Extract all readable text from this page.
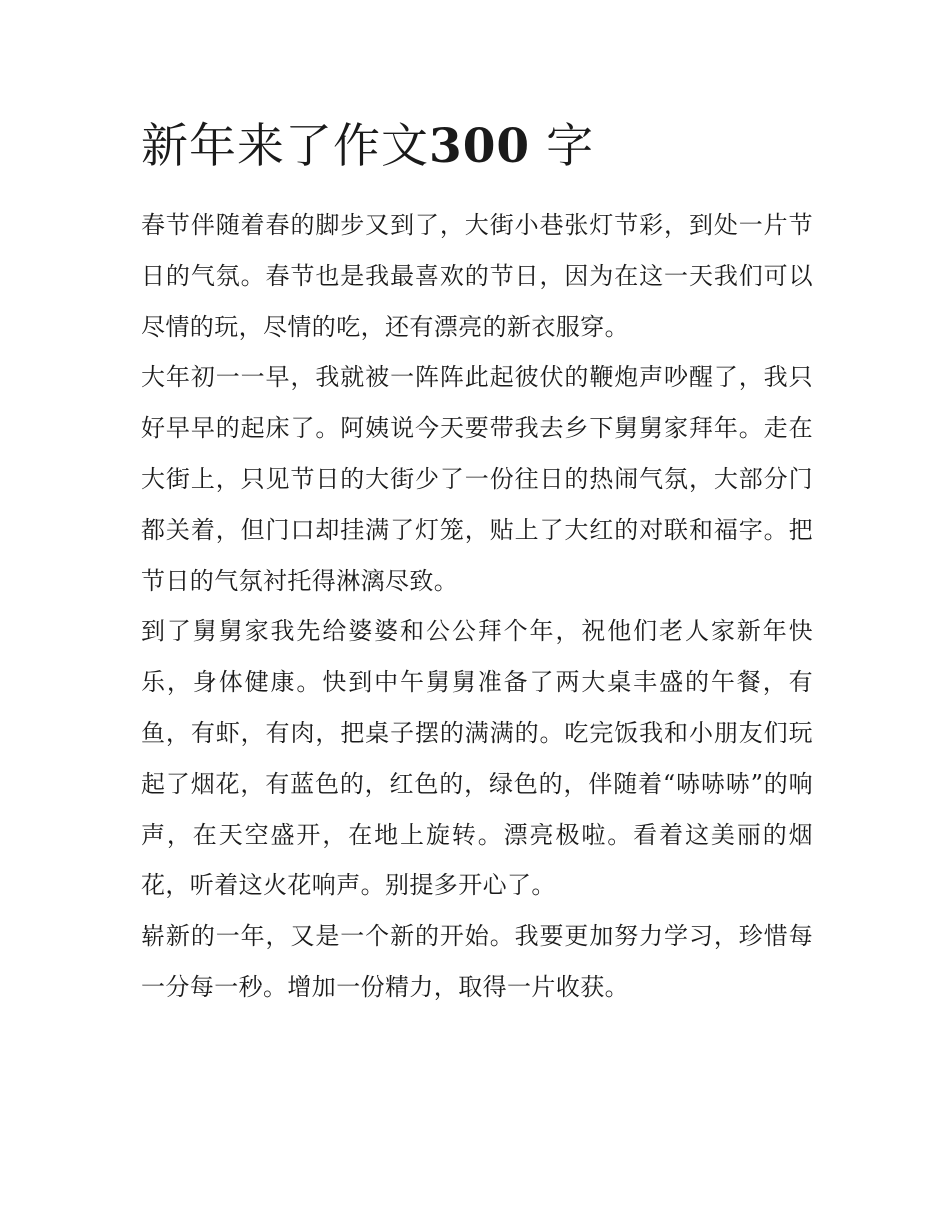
新年来了作文300 字

春节伴随着春的脚步又到了，大街小巷张灯节彩，到处一片节日的气氛。春节也是我最喜欢的节日，因为在这一天我们可以尽情的玩，尽情的吃，还有漂亮的新衣服穿。

大年初一一早，我就被一阵阵此起彼伏的鞭炮声吵醒了，我只好早早的起床了。阿姨说今天要带我去乡下舅舅家拜年。走在大街上，只见节日的大街少了一份往日的热闹气氛，大部分门都关着，但门口却挂满了灯笼，贴上了大红的对联和福字。把节日的气氛衬托得淋漓尽致。

到了舅舅家我先给婆婆和公公拜个年，祝他们老人家新年快乐，身体健康。快到中午舅舅准备了两大桌丰盛的午餐，有鱼，有虾，有肉，把桌子摆的满满的。吃完饭我和小朋友们玩起了烟花，有蓝色的，红色的，绿色的，伴随着“哧哧哧”的响声，在天空盛开，在地上旋转。漂亮极啦。看着这美丽的烟花，听着这火花响声。别提多开心了。

崭新的一年，又是一个新的开始。我要更加努力学习，珍惜每一分每一秒。增加一份精力，取得一片收获。
